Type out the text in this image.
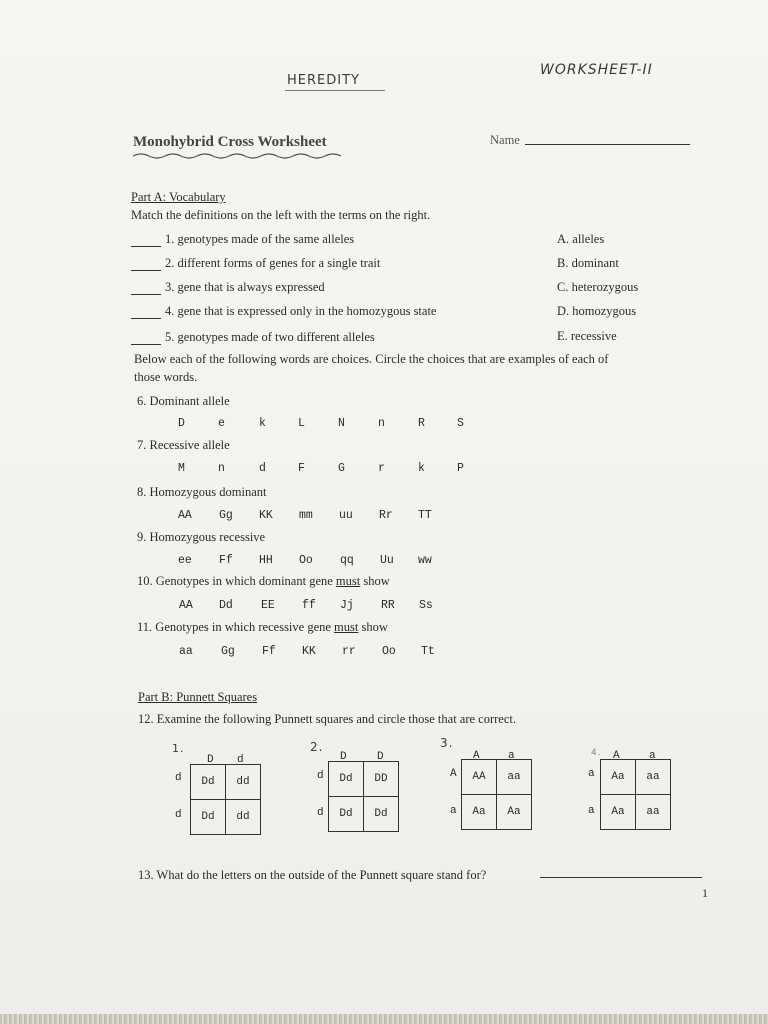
HEREDITY
WORKSHEET-II
Monohybrid Cross Worksheet	Name
Part A: Vocabulary
Match the definitions on the left with the terms on the right.
1. genotypes made of the same alleles
2. different forms of genes for a single trait
3. gene that is always expressed
4. gene that is expressed only in the homozygous state
5. genotypes made of two different alleles
A. alleles
B. dominant
C. heterozygous
D. homozygous
E. recessive
Below each of the following words are choices. Circle the choices that are examples of each of
those words.
6. Dominant allele
D	e	k	L	N	n	R	S
7. Recessive allele
M	n	d	F	G	r	k	P
8. Homozygous dominant
AA Gg KK mm uu Rr TT
9. Homozygous recessive
ee Ff HH Oo qq Uu ww
10. Genotypes in which dominant gene must show
AA Dd EE ff Jj RR Ss
11. Genotypes in which recessive gene must show
aa Gg Ff KK rr Oo Tt
Part B: Punnett Squares
12. Examine the following Punnett squares and circle those that are correct.
1.
D d
d
d
Dd	dd
Dd	dd
2.
D	D
d
d
Dd	DD
Dd	Dd
3.
A	a
A
a
AA	aa
Aa	Aa
4. A	a
a
a
Aa	aa
Aa	aa
13. What do the letters on the outside of the Punnett square stand for?
1
